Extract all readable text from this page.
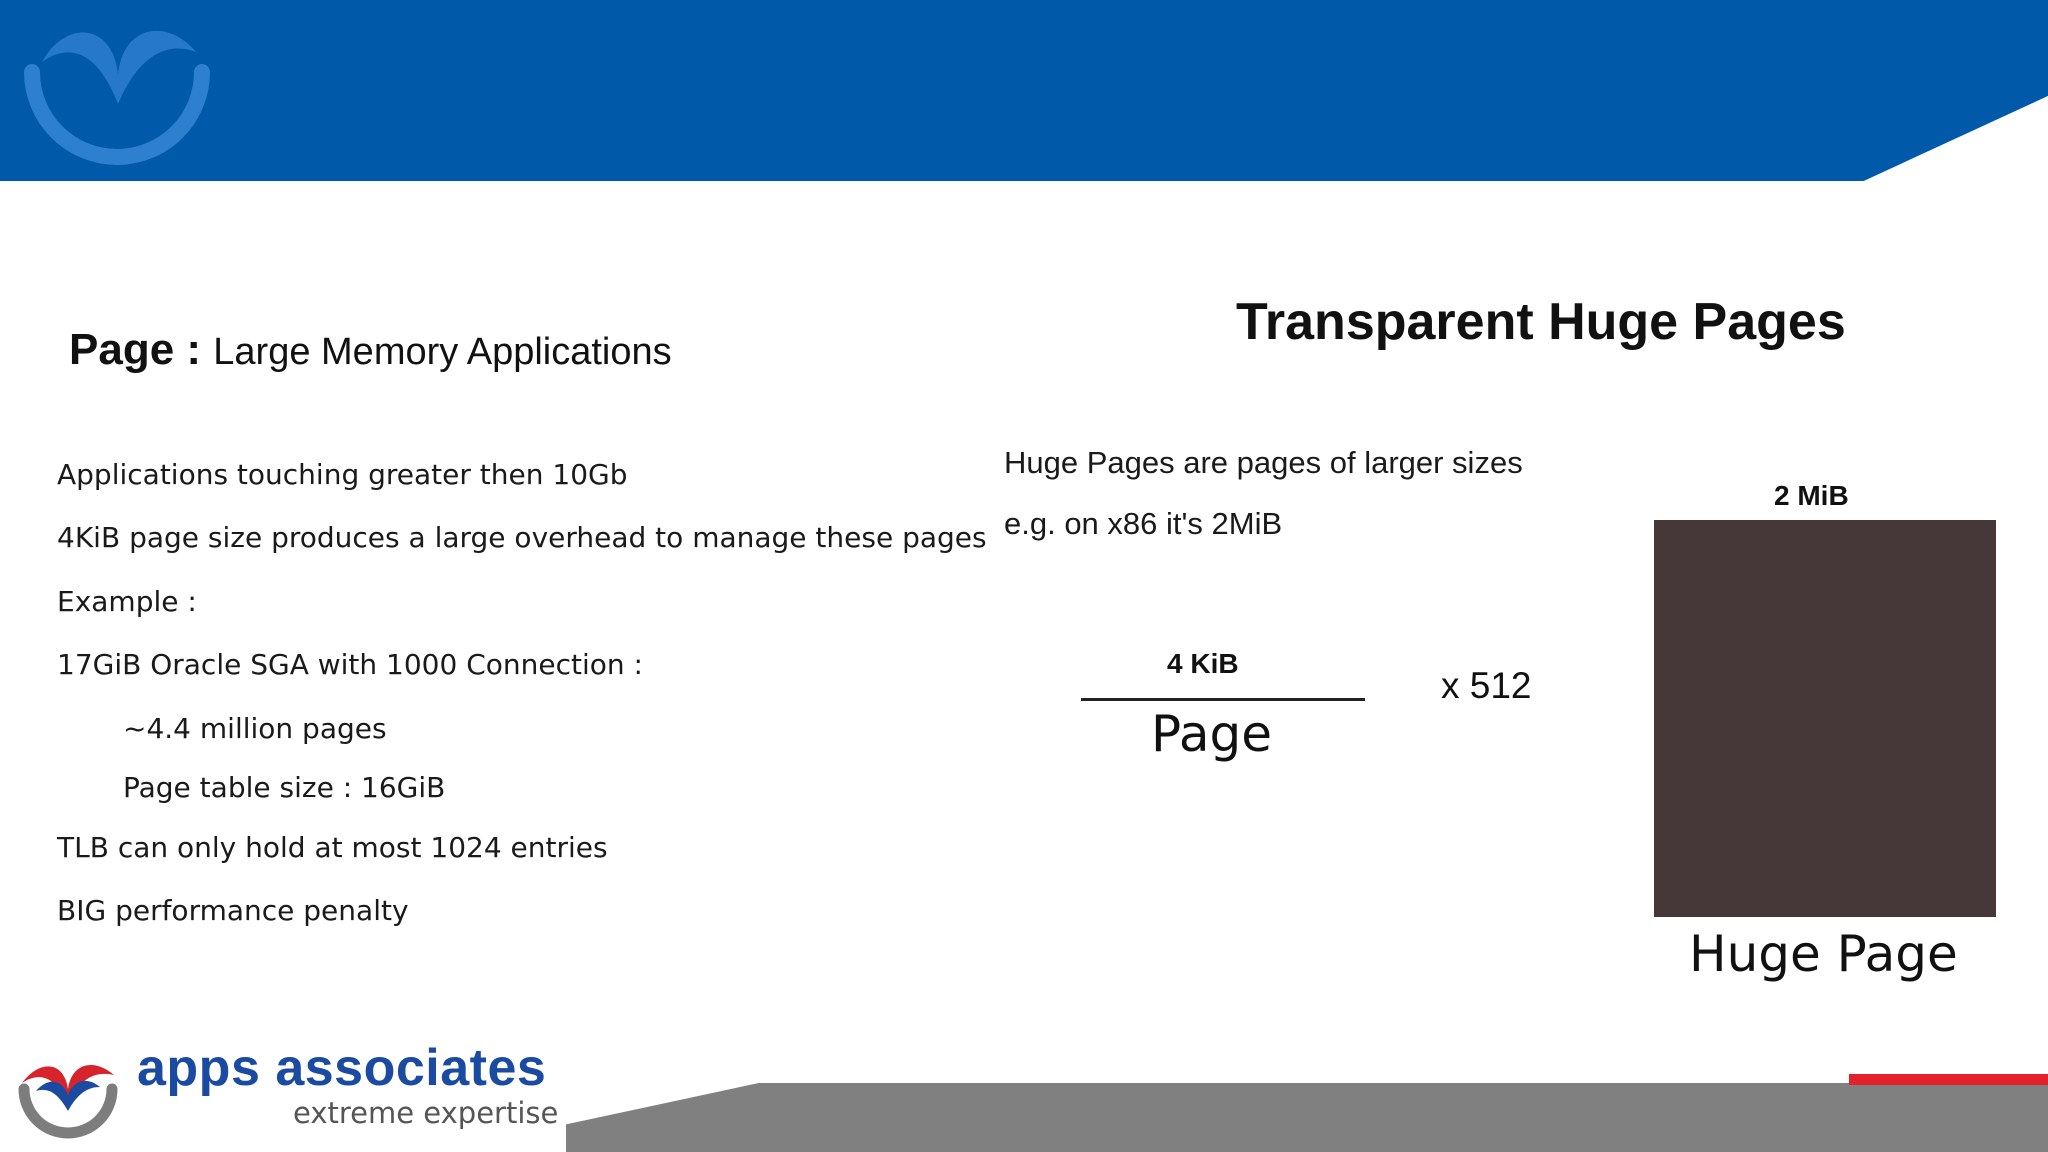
Page : Large Memory Applications
Applications touching greater then 10Gb
4KiB page size produces a large overhead to manage these pages
Example :
17GiB Oracle SGA with 1000 Connection :
~4.4 million pages
Page table size : 16GiB
TLB can only hold at most 1024 entries
BIG performance penalty
Transparent Huge Pages
Huge Pages are pages of larger sizes
e.g. on x86 it's 2MiB
4 KiB
Page
x 512
2 MiB
Huge Page
apps associates
extreme expertise
